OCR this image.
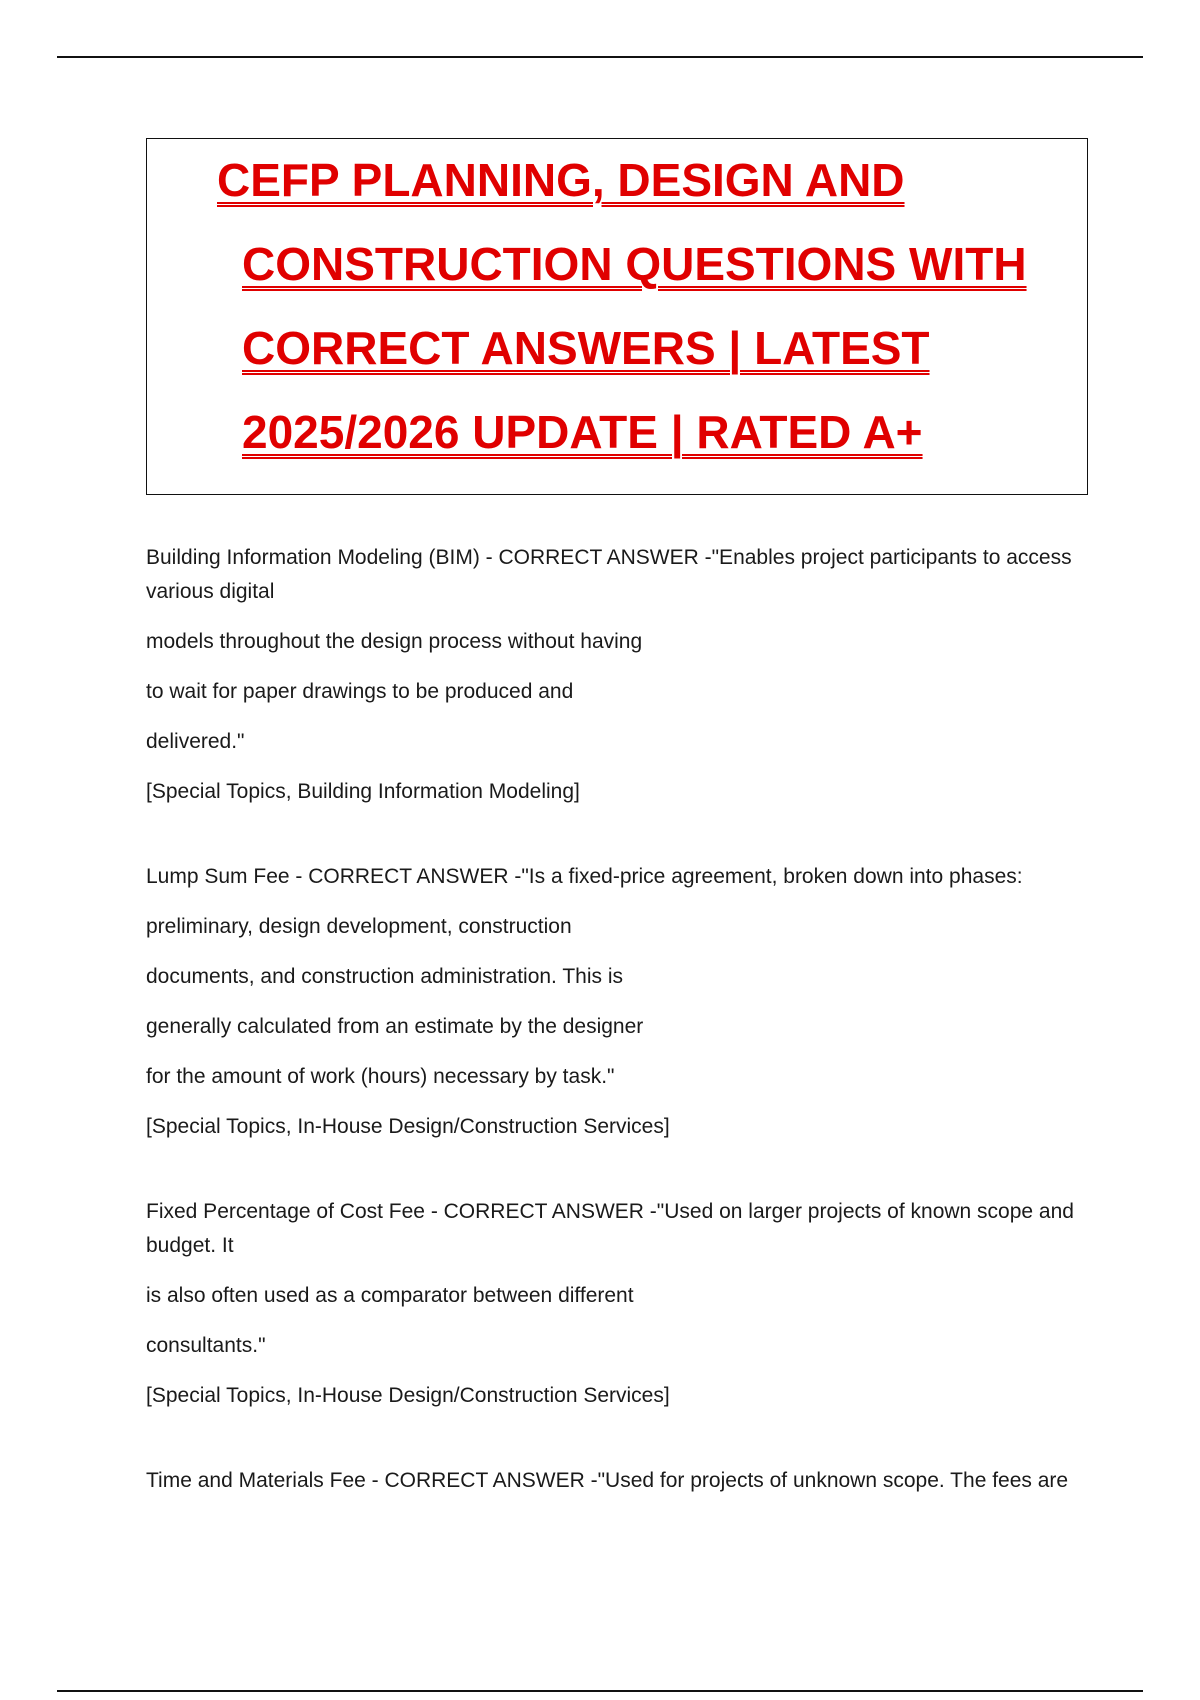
CEFP PLANNING, DESIGN AND
CONSTRUCTION QUESTIONS WITH
CORRECT ANSWERS | LATEST
2025/2026 UPDATE | RATED A+

Building Information Modeling (BIM) - CORRECT ANSWER -"Enables project participants to access various digital

models throughout the design process without having

to wait for paper drawings to be produced and

delivered."

[Special Topics, Building Information Modeling]

Lump Sum Fee - CORRECT ANSWER -"Is a fixed-price agreement, broken down into phases:

preliminary, design development, construction

documents, and construction administration. This is

generally calculated from an estimate by the designer

for the amount of work (hours) necessary by task."

[Special Topics, In-House Design/Construction Services]

Fixed Percentage of Cost Fee - CORRECT ANSWER -"Used on larger projects of known scope and budget. It

is also often used as a comparator between different

consultants."

[Special Topics, In-House Design/Construction Services]

Time and Materials Fee - CORRECT ANSWER -"Used for projects of unknown scope. The fees are
